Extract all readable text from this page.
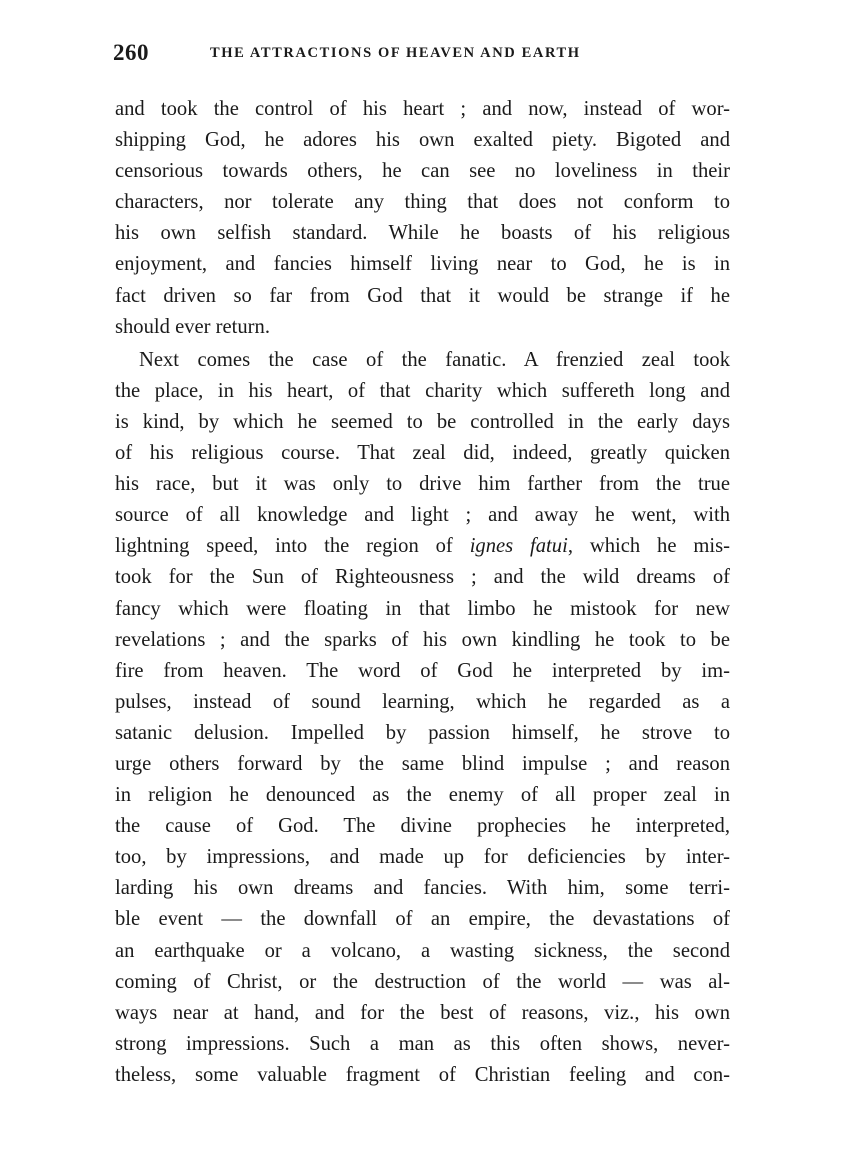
260	THE ATTRACTIONS OF HEAVEN AND EARTH
and took the control of his heart ; and now, instead of wor-
shipping God, he adores his own exalted piety. Bigoted and
censorious towards others, he can see no loveliness in their
characters, nor tolerate any thing that does not conform to
his own selfish standard. While he boasts of his religious
enjoyment, and fancies himself living near to God, he is in
fact driven so far from God that it would be strange if he
should ever return.
Next comes the case of the fanatic. A frenzied zeal took
the place, in his heart, of that charity which suffereth long and
is kind, by which he seemed to be controlled in the early days
of his religious course. That zeal did, indeed, greatly quicken
his race, but it was only to drive him farther from the true
source of all knowledge and light ; and away he went, with
lightning speed, into the region of ignes fatui, which he mis-
took for the Sun of Righteousness ; and the wild dreams of
fancy which were floating in that limbo he mistook for new
revelations ; and the sparks of his own kindling he took to be
fire from heaven. The word of God he interpreted by im-
pulses, instead of sound learning, which he regarded as a
satanic delusion. Impelled by passion himself, he strove to
urge others forward by the same blind impulse ; and reason
in religion he denounced as the enemy of all proper zeal in
the cause of God. The divine prophecies he interpreted,
too, by impressions, and made up for deficiencies by inter-
larding his own dreams and fancies. With him, some terri-
ble event — the downfall of an empire, the devastations of
an earthquake or a volcano, a wasting sickness, the second
coming of Christ, or the destruction of the world — was al-
ways near at hand, and for the best of reasons, viz., his own
strong impressions. Such a man as this often shows, never-
theless, some valuable fragment of Christian feeling and con-
